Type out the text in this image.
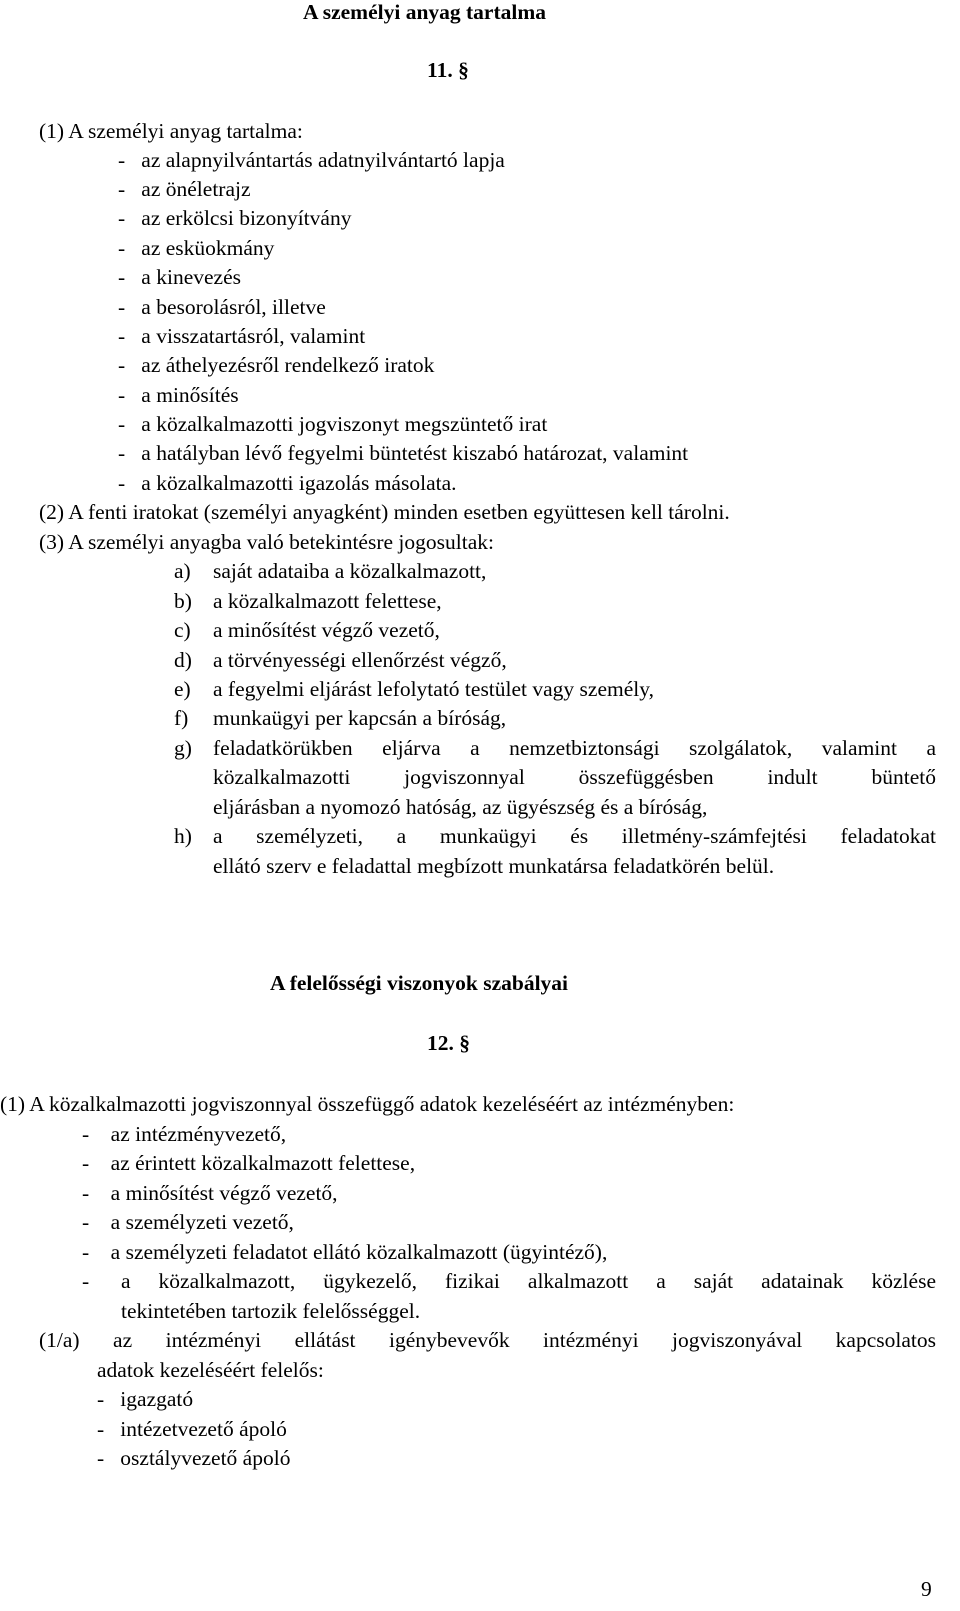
A személyi anyag tartalma
11. §
(1) A személyi anyag tartalma:
-   az alapnyilvántartás adatnyilvántartó lapja
-   az önéletrajz
-   az erkölcsi bizonyítvány
-   az esküokmány
-   a kinevezés
-   a besorolásról, illetve
-   a visszatartásról, valamint
-   az áthelyezésről rendelkező iratok
-   a minősítés
-   a közalkalmazotti jogviszonyt megszüntető irat
-   a hatályban lévő fegyelmi büntetést kiszabó határozat, valamint
-   a közalkalmazotti igazolás másolata.
(2) A fenti iratokat (személyi anyagként) minden esetben együttesen kell tárolni.
(3) A személyi anyagba való betekintésre jogosultak:
a) saját adataiba a közalkalmazott,
b) a közalkalmazott felettese,
c) a minősítést végző vezető,
d) a törvényességi ellenőrzést végző,
e) a fegyelmi eljárást lefolytató testület vagy személy,
f) munkaügyi per kapcsán a bíróság,
g) feladatkörükben eljárva a nemzetbiztonsági szolgálatok, valamint a
közalkalmazotti jogviszonnyal összefüggésben indult büntető
eljárásban a nyomozó hatóság, az ügyészség és a bíróság,
h) a személyzeti, a munkaügyi és illetmény-számfejtési feladatokat
ellátó szerv e feladattal megbízott munkatársa feladatkörén belül.
A felelősségi viszonyok szabályai
12. §
(1) A közalkalmazotti jogviszonnyal összefüggő adatok kezeléséért az intézményben:
-    az intézményvezető,
-    az érintett közalkalmazott felettese,
-    a minősítést végző vezető,
-    a személyzeti vezető,
-    a személyzeti feladatot ellátó közalkalmazott (ügyintéző),
- a közalkalmazott, ügykezelő, fizikai alkalmazott a saját adatainak közlése
tekintetében tartozik felelősséggel.
(1/a) az intézményi ellátást igénybevevők intézményi jogviszonyával kapcsolatos
adatok kezeléséért felelős:
-   igazgató
-   intézetvezető ápoló
-   osztályvezető ápoló
9
